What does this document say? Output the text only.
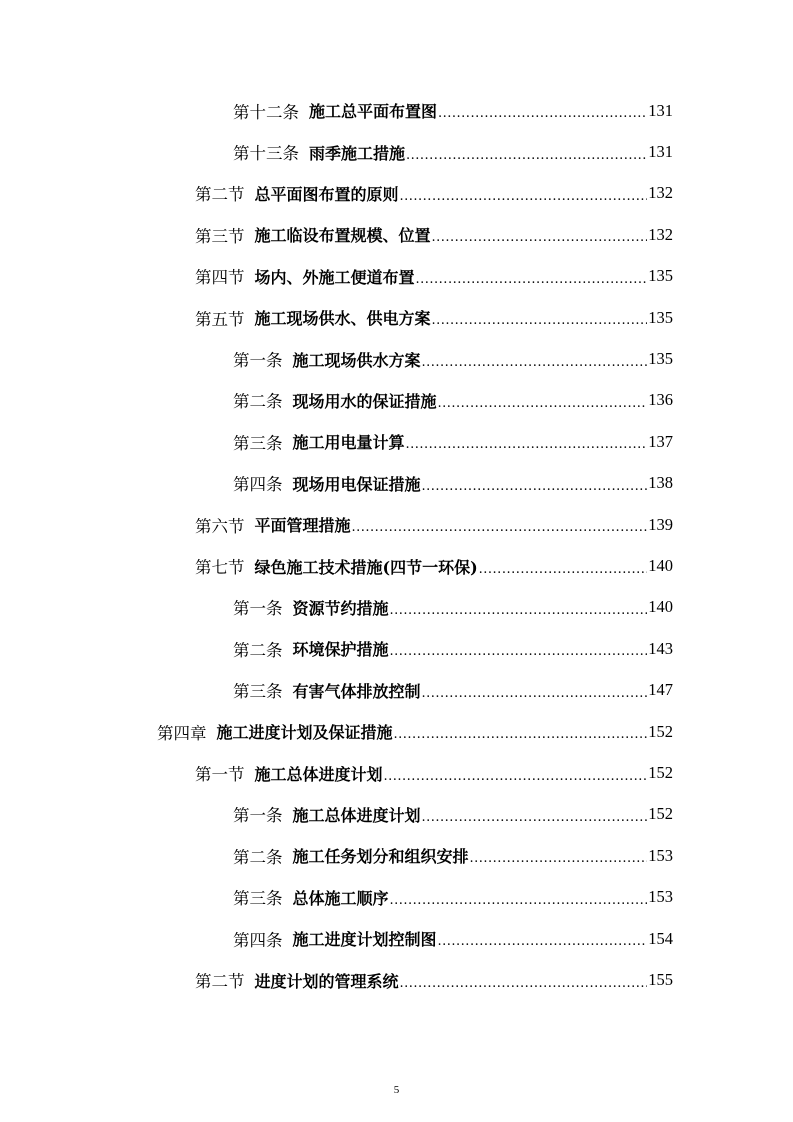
第十二条 施工总平面布置图 .....	131
第十三条 雨季施工措施 .....	131
第二节 总平面图布置的原则 .....	132
第三节 施工临设布置规模、位置 .....	132
第四节 场内、外施工便道布置 .....	135
第五节 施工现场供水、供电方案 .....	135
第一条 施工现场供水方案 .....	135
第二条 现场用水的保证措施 .....	136
第三条 施工用电量计算 .....	137
第四条 现场用电保证措施 .....	138
第六节 平面管理措施 .....	139
第七节 绿色施工技术措施(四节一环保) .....	140
第一条 资源节约措施 .....	140
第二条 环境保护措施 .....	143
第三条 有害气体排放控制 .....	147
第四章 施工进度计划及保证措施 .....	152
第一节 施工总体进度计划 .....	152
第一条 施工总体进度计划 .....	152
第二条 施工任务划分和组织安排 .....	153
第三条 总体施工顺序 .....	153
第四条 施工进度计划控制图 .....	154
第二节 进度计划的管理系统 .....	155
5
